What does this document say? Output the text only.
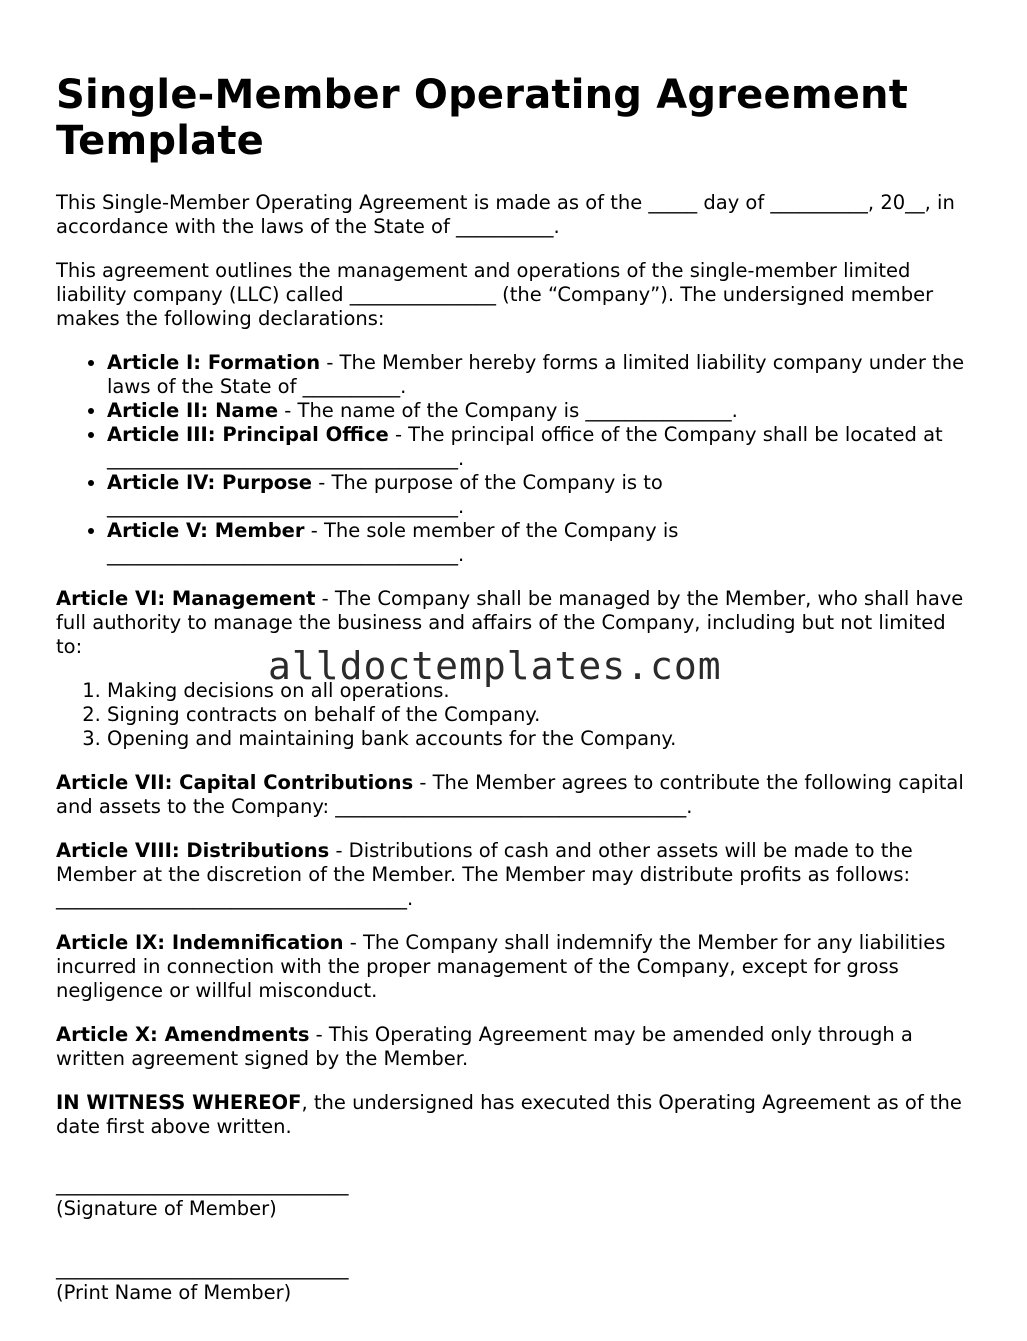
Single-Member Operating Agreement Template

This Single-Member Operating Agreement is made as of the _____ day of __________, 20__, in accordance with the laws of the State of __________.

This agreement outlines the management and operations of the single-member limited liability company (LLC) called _______________ (the “Company”). The undersigned member makes the following declarations:

• Article I: Formation - The Member hereby forms a limited liability company under the laws of the State of __________.
• Article II: Name - The name of the Company is _______________.
• Article III: Principal Office - The principal office of the Company shall be located at ____________________________________.
• Article IV: Purpose - The purpose of the Company is to ____________________________________.
• Article V: Member - The sole member of the Company is ____________________________________.

Article VI: Management - The Company shall be managed by the Member, who shall have full authority to manage the business and affairs of the Company, including but not limited to:

1. Making decisions on all operations.
2. Signing contracts on behalf of the Company.
3. Opening and maintaining bank accounts for the Company.

Article VII: Capital Contributions - The Member agrees to contribute the following capital and assets to the Company: ____________________________________.

Article VIII: Distributions - Distributions of cash and other assets will be made to the Member at the discretion of the Member. The Member may distribute profits as follows: ____________________________________.

Article IX: Indemnification - The Company shall indemnify the Member for any liabilities incurred in connection with the proper management of the Company, except for gross negligence or willful misconduct.

Article X: Amendments - This Operating Agreement may be amended only through a written agreement signed by the Member.

IN WITNESS WHEREOF, the undersigned has executed this Operating Agreement as of the date first above written.

______________________________
(Signature of Member)
______________________________
(Print Name of Member)
alldoctemplates.com
